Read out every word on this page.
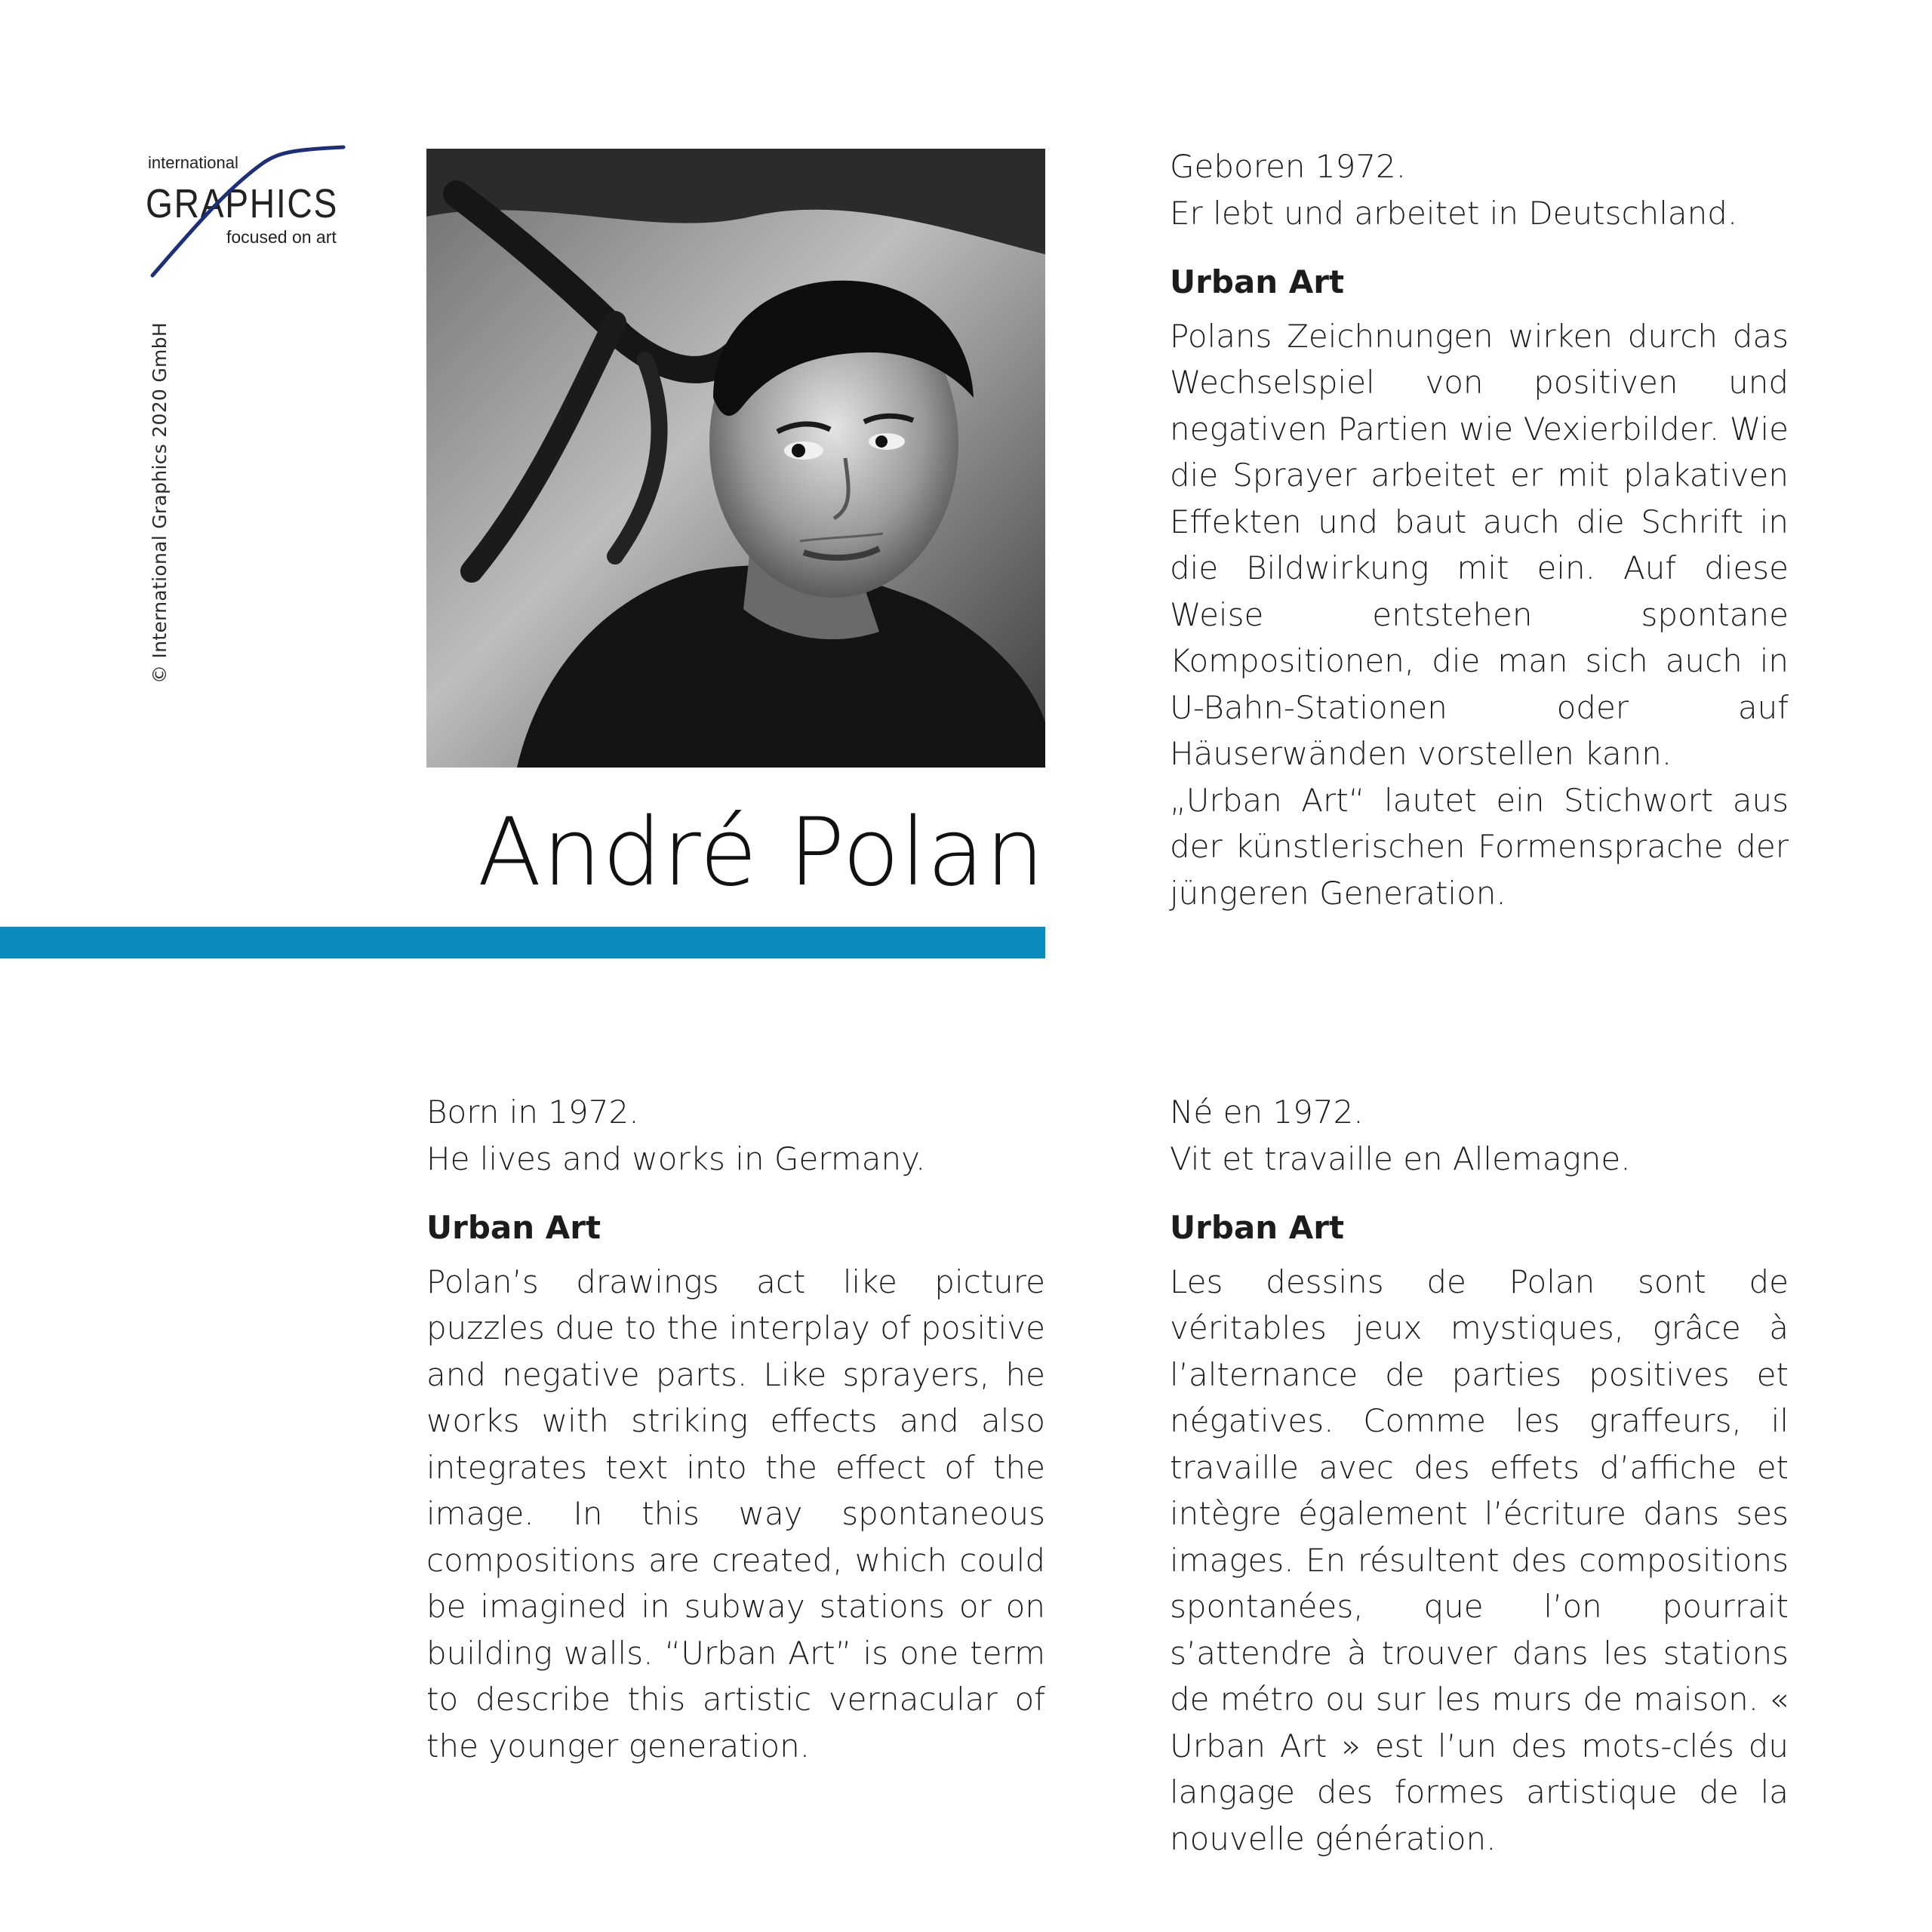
international
GRAPHICS
focused on art
© International Graphics 2020 GmbH
André Polan

Geboren 1972.
Er lebt und arbeitet in Deutschland.

Urban Art

Polans Zeichnungen wirken durch das Wechselspiel von positiven und negativen Partien wie Vexierbilder. Wie die Sprayer arbeitet er mit plakativen Effekten und baut auch die Schrift in die Bildwirkung mit ein. Auf diese Weise entstehen spontane Kompositionen, die man sich auch in U-Bahn-Stationen oder auf Häuserwänden vorstellen kann.
„Urban Art“ lautet ein Stichwort aus der künstlerischen Formensprache der jüngeren Generation.

Born in 1972.
He lives and works in Germany.

Urban Art

Polan’s drawings act like picture puzzles due to the interplay of positive and negative parts. Like sprayers, he works with striking effects and also integrates text into the effect of the image. In this way spontaneous compositions are created, which could be imagined in subway stations or on building walls. “Urban Art” is one term to describe this artistic vernacular of the younger generation.

Né en 1972.
Vit et travaille en Allemagne.

Urban Art

Les dessins de Polan sont de véritables jeux mystiques, grâce à l’alternance de parties positives et négatives. Comme les graffeurs, il travaille avec des effets d’affiche et intègre également l’écriture dans ses images. En résultent des compositions spontanées, que l’on pourrait s’attendre à trouver dans les stations de métro ou sur les murs de maison. « Urban Art » est l’un des mots-clés du langage des formes artistique de la nouvelle génération.
